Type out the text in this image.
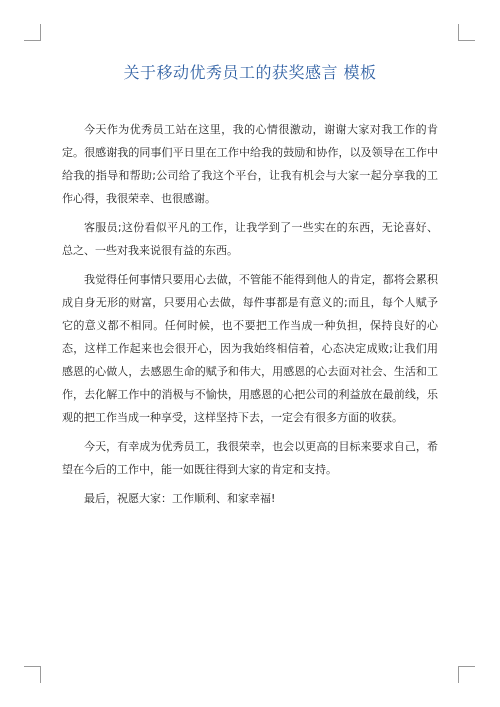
关于移动优秀员工的获奖感言 模板

今天作为优秀员工站在这里，我的心情很激动，谢谢大家对我工作的肯定。很感谢我的同事们平日里在工作中给我的鼓励和协作，以及领导在工作中给我的指导和帮助;公司给了我这个平台，让我有机会与大家一起分享我的工作心得，我很荣幸、也很感谢。

客服员;这份看似平凡的工作，让我学到了一些实在的东西，无论喜好、总之、一些对我来说很有益的东西。

我觉得任何事情只要用心去做，不管能不能得到他人的肯定，都将会累积成自身无形的财富，只要用心去做，每件事都是有意义的;而且，每个人赋予它的意义都不相同。任何时候，也不要把工作当成一种负担，保持良好的心态，这样工作起来也会很开心，因为我始终相信着，心态决定成败;让我们用感恩的心做人，去感恩生命的赋予和伟大，用感恩的心去面对社会、生活和工作，去化解工作中的消极与不愉快，用感恩的心把公司的利益放在最前线，乐观的把工作当成一种享受，这样坚持下去，一定会有很多方面的收获。

今天，有幸成为优秀员工，我很荣幸，也会以更高的目标来要求自己，希望在今后的工作中，能一如既往得到大家的肯定和支持。

最后，祝愿大家：工作顺利、和家幸福!
